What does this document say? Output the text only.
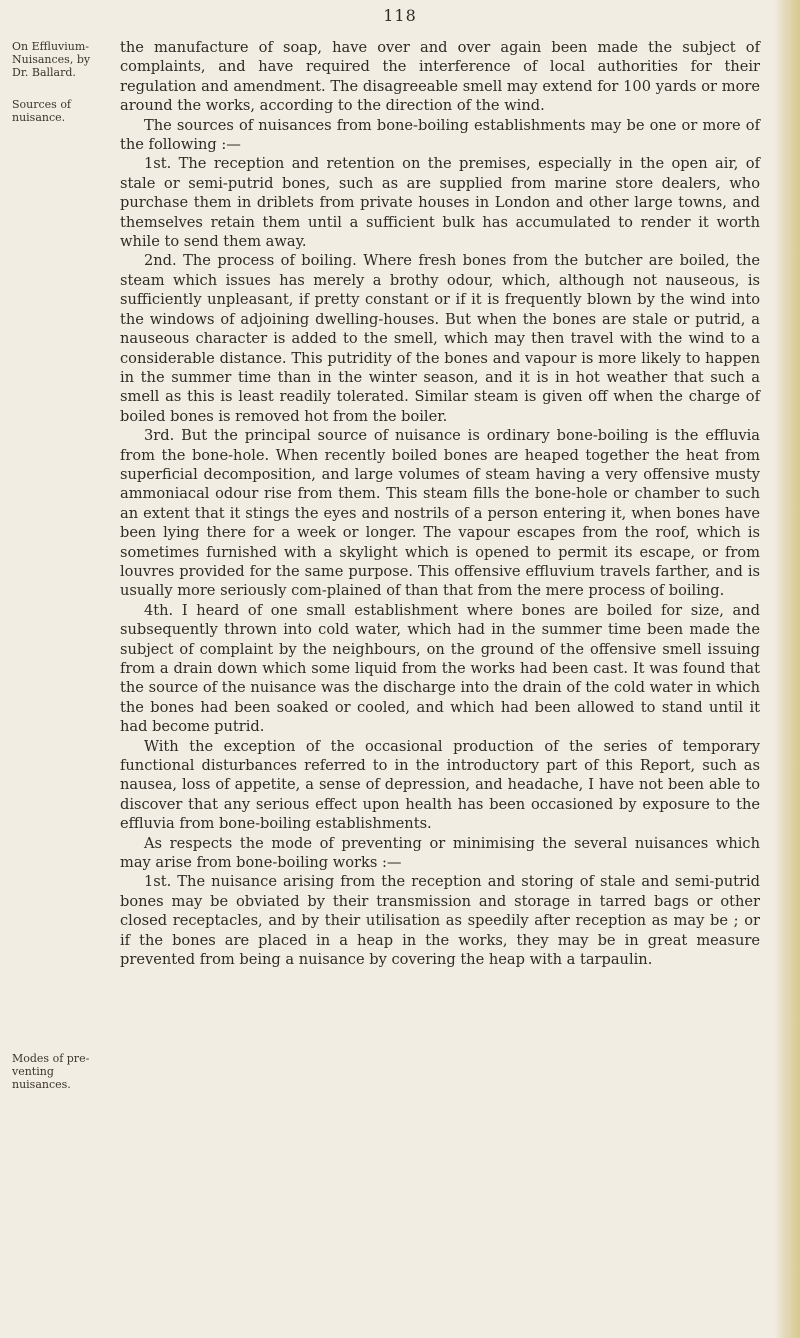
118
On Effluvium-Nuisances, by Dr. Ballard.
Sources of nuisance.
Modes of pre-venting nuisances.

the manufacture of soap, have over and over again been made the subject of complaints, and have required the interference of local authorities for their regulation and amendment. The disagreeable smell may extend for 100 yards or more around the works, according to the direction of the wind.

The sources of nuisances from bone-boiling establishments may be one or more of the following :—

1st. The reception and retention on the premises, especially in the open air, of stale or semi-putrid bones, such as are supplied from marine store dealers, who purchase them in driblets from private houses in London and other large towns, and themselves retain them until a sufficient bulk has accumulated to render it worth while to send them away.

2nd. The process of boiling. Where fresh bones from the butcher are boiled, the steam which issues has merely a brothy odour, which, although not nauseous, is sufficiently unpleasant, if pretty constant or if it is frequently blown by the wind into the windows of adjoining dwelling-houses. But when the bones are stale or putrid, a nauseous character is added to the smell, which may then travel with the wind to a considerable distance. This putridity of the bones and vapour is more likely to happen in the summer time than in the winter season, and it is in hot weather that such a smell as this is least readily tolerated. Similar steam is given off when the charge of boiled bones is removed hot from the boiler.

3rd. But the principal source of nuisance is ordinary bone-boiling is the effluvia from the bone-hole. When recently boiled bones are heaped together the heat from superficial decomposition, and large volumes of steam having a very offensive musty ammoniacal odour rise from them. This steam fills the bone-hole or chamber to such an extent that it stings the eyes and nostrils of a person entering it, when bones have been lying there for a week or longer. The vapour escapes from the roof, which is sometimes furnished with a skylight which is opened to permit its escape, or from louvres provided for the same purpose. This offensive effluvium travels farther, and is usually more seriously com-plained of than that from the mere process of boiling.

4th. I heard of one small establishment where bones are boiled for size, and subsequently thrown into cold water, which had in the summer time been made the subject of complaint by the neighbours, on the ground of the offensive smell issuing from a drain down which some liquid from the works had been cast. It was found that the source of the nuisance was the discharge into the drain of the cold water in which the bones had been soaked or cooled, and which had been allowed to stand until it had become putrid.

With the exception of the occasional production of the series of temporary functional disturbances referred to in the introductory part of this Report, such as nausea, loss of appetite, a sense of depression, and headache, I have not been able to discover that any serious effect upon health has been occasioned by exposure to the effluvia from bone-boiling establishments.

As respects the mode of preventing or minimising the several nuisances which may arise from bone-boiling works :—

1st. The nuisance arising from the reception and storing of stale and semi-putrid bones may be obviated by their transmission and storage in tarred bags or other closed receptacles, and by their utilisation as speedily after reception as may be ; or if the bones are placed in a heap in the works, they may be in great measure prevented from being a nuisance by covering the heap with a tarpaulin.
